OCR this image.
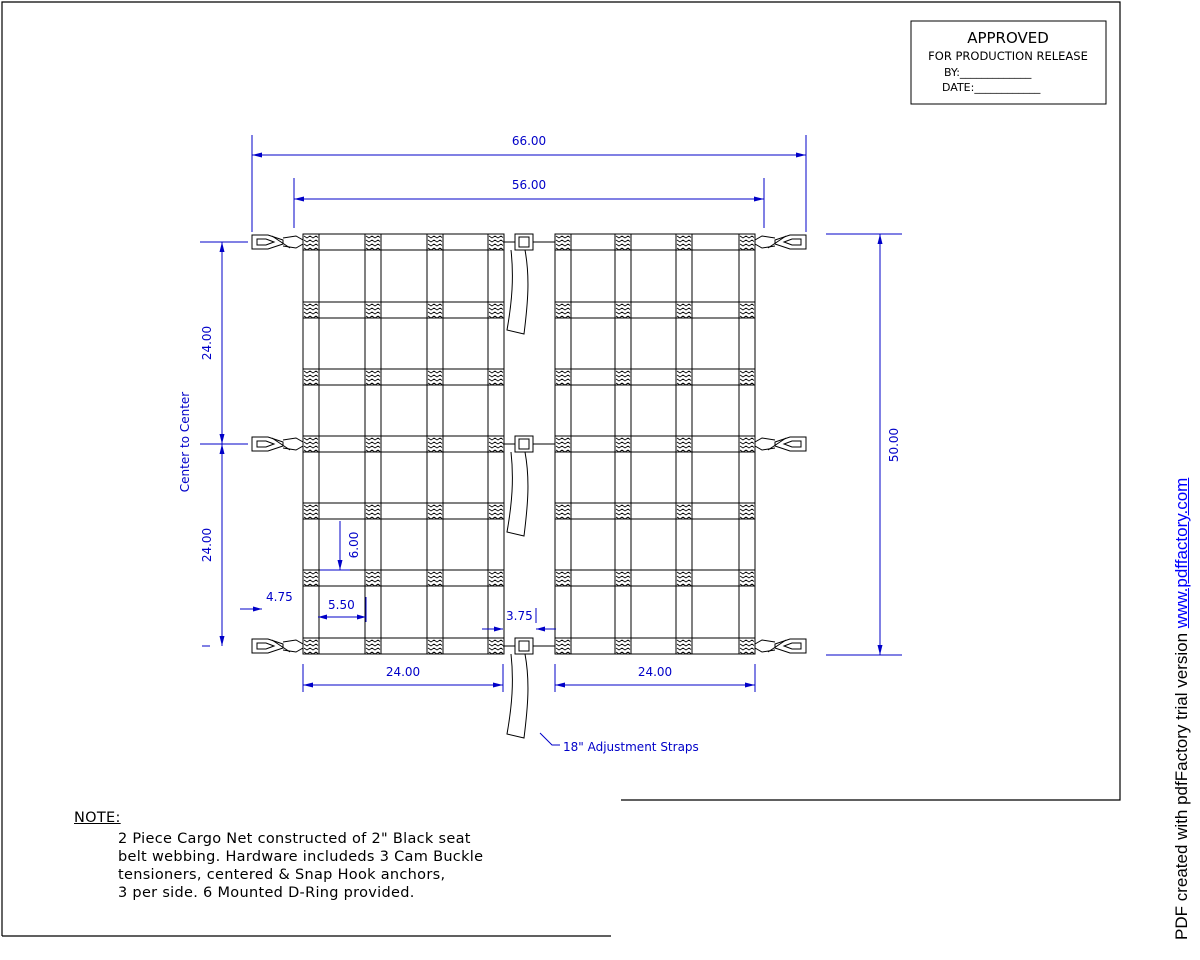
APPROVED
FOR PRODUCTION RELEASE
BY:_____________
DATE:____________
66.00
56.00
50.00
24.00
24.00
Center to Center
6.00
4.75
5.50
3.75
24.00	24.00
18" Adjustment Straps
NOTE:
2 Piece Cargo Net constructed of 2" Black seat
belt webbing. Hardware includeds 3 Cam Buckle
tensioners, centered & Snap Hook anchors,
3 per side. 6 Mounted D-Ring provided.	PDF created with pdfFactory trial version www.pdffactory.com
